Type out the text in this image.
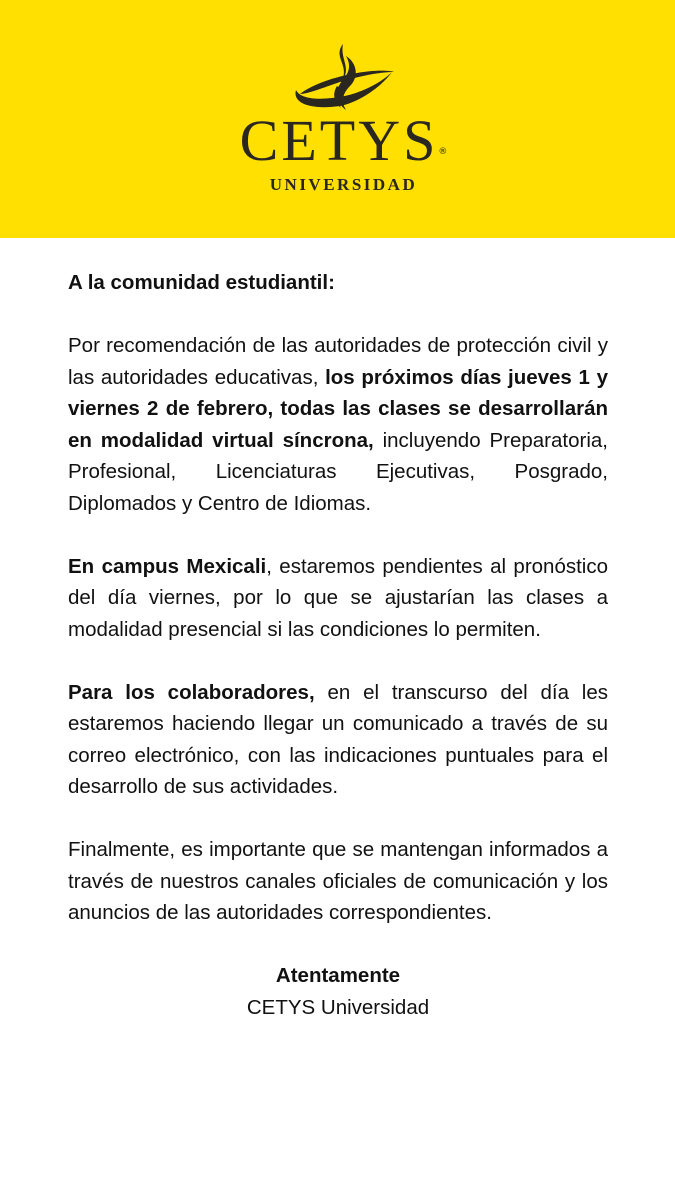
CETYS®
UNIVERSIDAD

A la comunidad estudiantil:

Por recomendación de las autoridades de protección civil y las autoridades educativas, los próximos días jueves 1 y viernes 2 de febrero, todas las clases se desarrollarán en modalidad virtual síncrona, incluyendo Preparatoria, Profesional, Licenciaturas Ejecutivas, Posgrado, Diplomados y Centro de Idiomas.

En campus Mexicali, estaremos pendientes al pronóstico del día viernes, por lo que se ajustarían las clases a modalidad presencial si las condiciones lo permiten.

Para los colaboradores, en el transcurso del día les estaremos haciendo llegar un comunicado a través de su correo electrónico, con las indicaciones puntuales para el desarrollo de sus actividades.

Finalmente, es importante que se mantengan informados a través de nuestros canales oficiales de comunicación y los anuncios de las autoridades correspondientes.

Atentamente
CETYS Universidad
